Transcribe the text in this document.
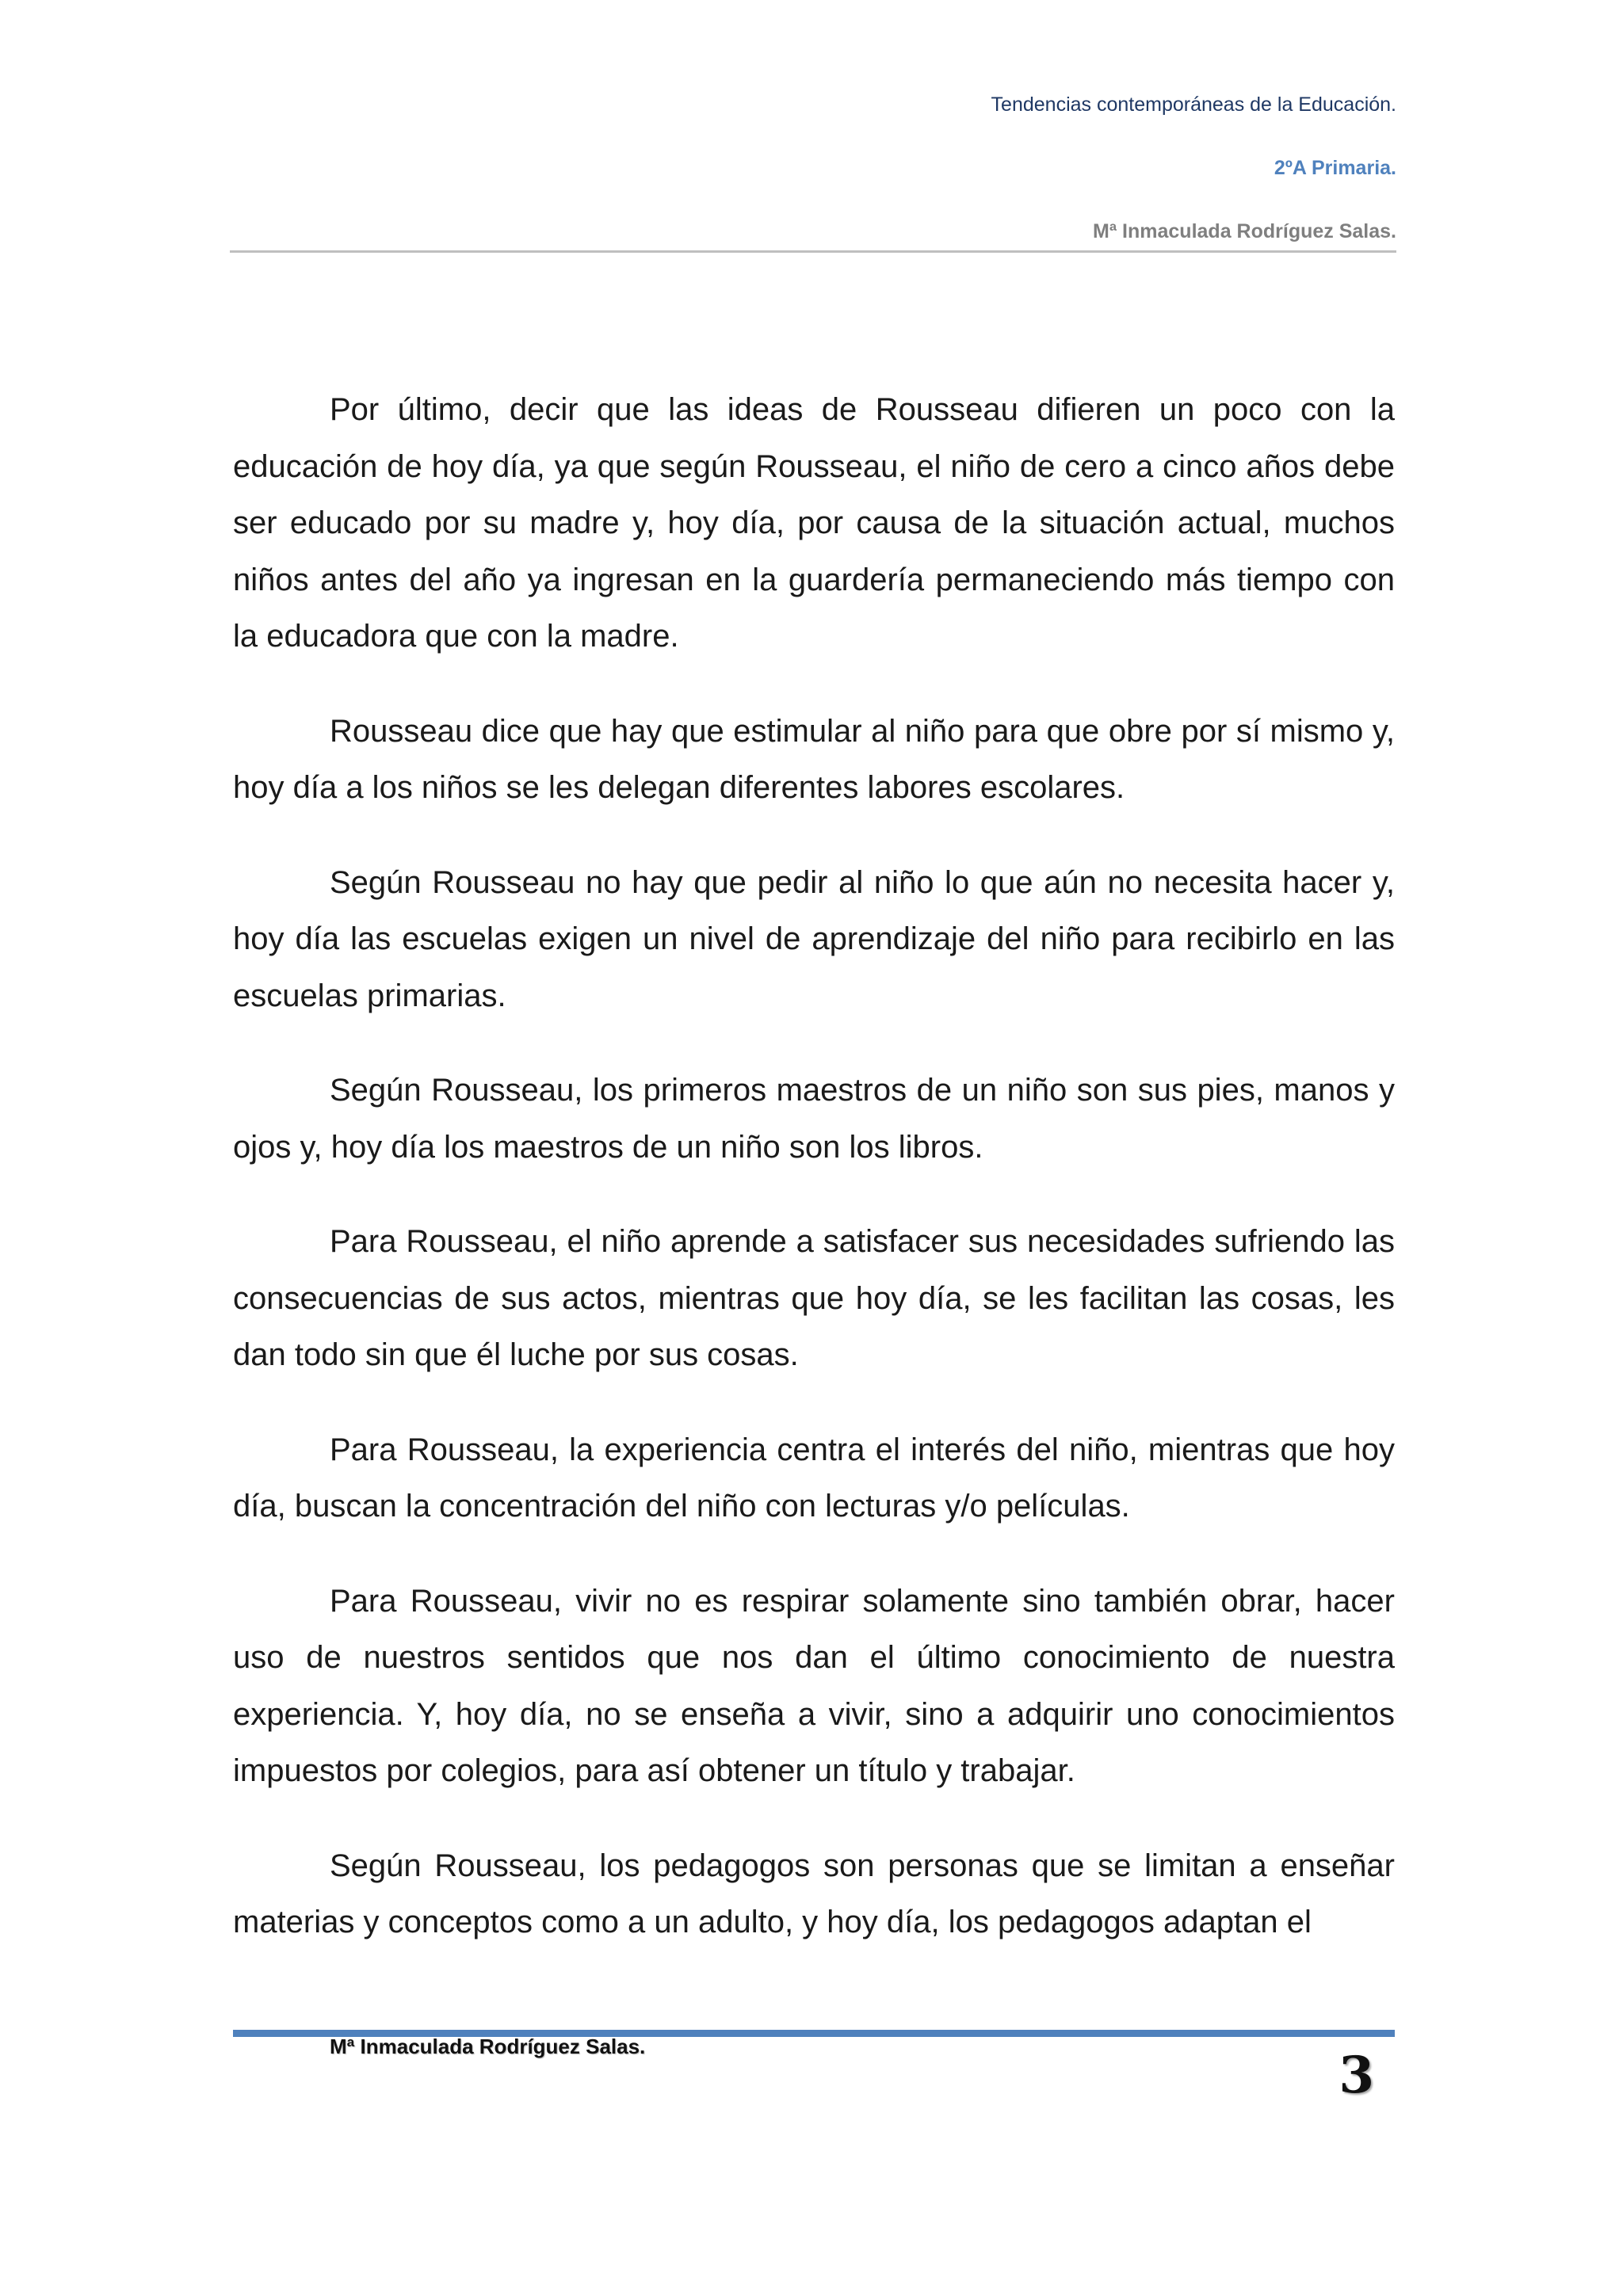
Tendencias contemporáneas de la Educación.
2ºA Primaria.
Mª Inmaculada Rodríguez Salas.

Por último, decir que las ideas de Rousseau difieren un poco con la educación de hoy día, ya que según Rousseau, el niño de cero a cinco años debe ser educado por su madre y, hoy día, por causa de la situación actual, muchos niños antes del año ya ingresan en la guardería permaneciendo más tiempo con la educadora que con la madre.

Rousseau dice que hay que estimular al niño para que obre por sí mismo y, hoy día a los niños se les delegan diferentes labores escolares.

Según Rousseau no hay que pedir al niño lo que aún no necesita hacer y, hoy día las escuelas exigen un nivel de aprendizaje del niño para recibirlo en las escuelas primarias.

Según Rousseau, los primeros maestros de un niño son sus pies, manos y ojos y, hoy día los maestros de un niño son los libros.

Para Rousseau, el niño aprende a satisfacer sus necesidades sufriendo las consecuencias de sus actos, mientras que hoy día, se les facilitan las cosas, les dan todo sin que él luche por sus cosas.

Para Rousseau, la experiencia centra el interés del niño, mientras que hoy día, buscan la concentración del niño con lecturas y/o películas.

Para Rousseau, vivir no es respirar solamente sino también obrar, hacer uso de nuestros sentidos que nos dan el último conocimiento de nuestra experiencia. Y, hoy día, no se enseña a vivir, sino a adquirir uno conocimientos impuestos por colegios, para así obtener un título y trabajar.

Según Rousseau, los pedagogos son personas que se limitan a enseñar materias y conceptos como a un adulto, y hoy día, los pedagogos adaptan el

Mª Inmaculada Rodríguez Salas.	3
